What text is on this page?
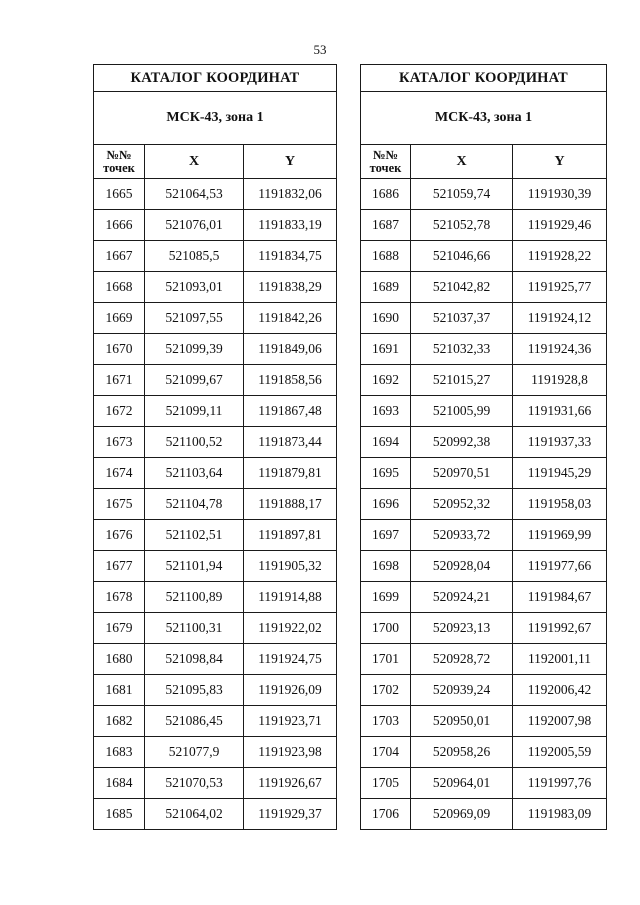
53
КАТАЛОГ КООРДИНАТ		
МСК-43, зона 1		
№№
точек	X	Y
1665	521064,53	1191832,06
1666	521076,01	1191833,19
1667	521085,5	1191834,75
1668	521093,01	1191838,29
1669	521097,55	1191842,26
1670	521099,39	1191849,06
1671	521099,67	1191858,56
1672	521099,11	1191867,48
1673	521100,52	1191873,44
1674	521103,64	1191879,81
1675	521104,78	1191888,17
1676	521102,51	1191897,81
1677	521101,94	1191905,32
1678	521100,89	1191914,88
1679	521100,31	1191922,02
1680	521098,84	1191924,75
1681	521095,83	1191926,09
1682	521086,45	1191923,71
1683	521077,9	1191923,98
1684	521070,53	1191926,67
1685	521064,02	1191929,37
КАТАЛОГ КООРДИНАТ		
МСК-43, зона 1		
№№
точек	X	Y
1686	521059,74	1191930,39
1687	521052,78	1191929,46
1688	521046,66	1191928,22
1689	521042,82	1191925,77
1690	521037,37	1191924,12
1691	521032,33	1191924,36
1692	521015,27	1191928,8
1693	521005,99	1191931,66
1694	520992,38	1191937,33
1695	520970,51	1191945,29
1696	520952,32	1191958,03
1697	520933,72	1191969,99
1698	520928,04	1191977,66
1699	520924,21	1191984,67
1700	520923,13	1191992,67
1701	520928,72	1192001,11
1702	520939,24	1192006,42
1703	520950,01	1192007,98
1704	520958,26	1192005,59
1705	520964,01	1191997,76
1706	520969,09	1191983,09
